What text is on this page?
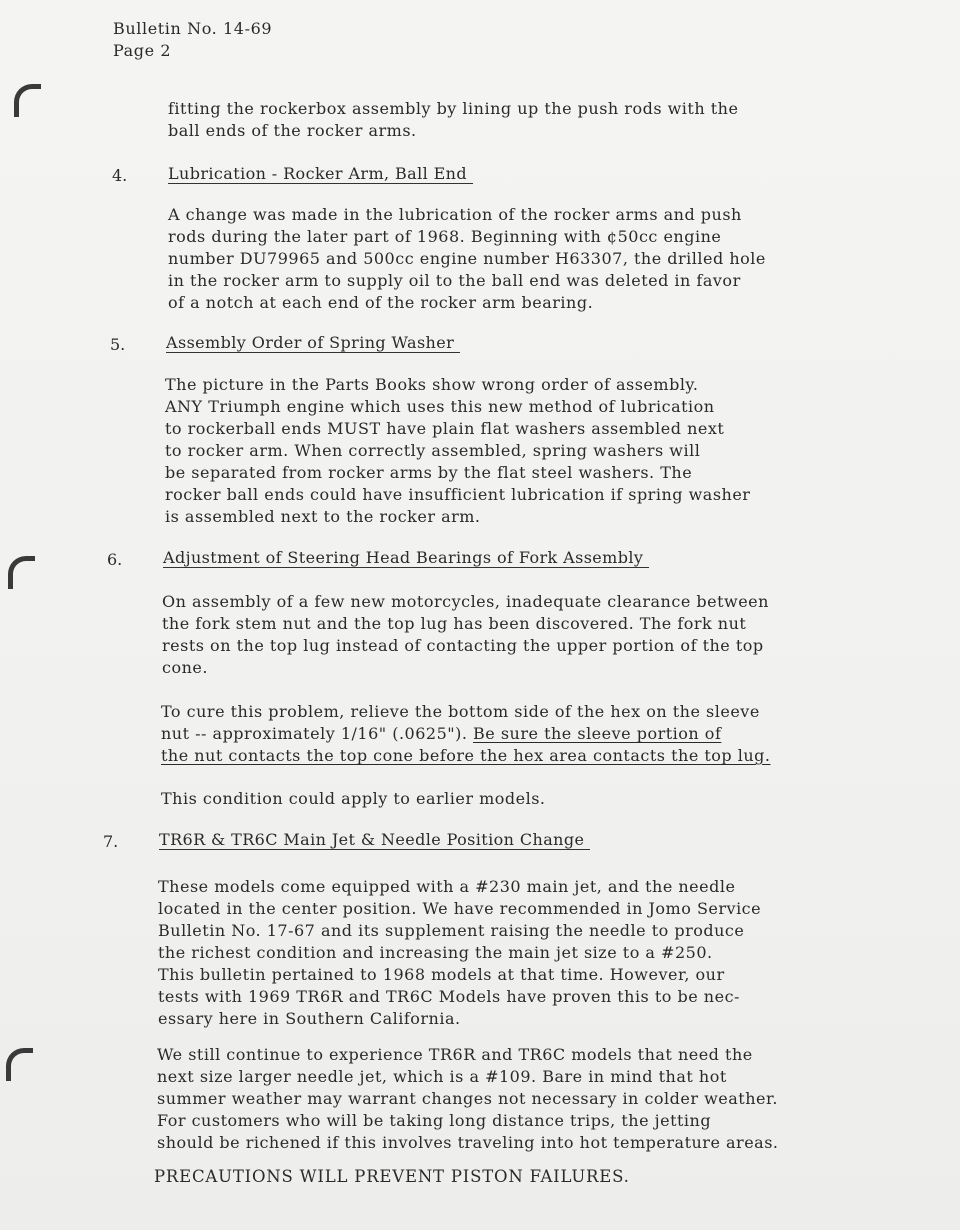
Bulletin No. 14-69
Page 2
fitting the rockerbox assembly by lining up the push rods with the
ball ends of the rocker arms.
4.	Lubrication - Rocker Arm, Ball End
A change was made in the lubrication of the rocker arms and push
rods during the later part of 1968. Beginning with ¢50cc engine
number DU79965 and 500cc engine number H63307, the drilled hole
in the rocker arm to supply oil to the ball end was deleted in favor
of a notch at each end of the rocker arm bearing.
5.	Assembly Order of Spring Washer
The picture in the Parts Books show wrong order of assembly.
ANY Triumph engine which uses this new method of lubrication
to rockerball ends MUST have plain flat washers assembled next
to rocker arm. When correctly assembled, spring washers will
be separated from rocker arms by the flat steel washers. The
rocker ball ends could have insufficient lubrication if spring washer
is assembled next to the rocker arm.
6.	Adjustment of Steering Head Bearings of Fork Assembly
On assembly of a few new motorcycles, inadequate clearance between
the fork stem nut and the top lug has been discovered. The fork nut
rests on the top lug instead of contacting the upper portion of the top
cone.
To cure this problem, relieve the bottom side of the hex on the sleeve
nut -- approximately 1/16" (.0625"). Be sure the sleeve portion of
the nut contacts the top cone before the hex area contacts the top lug.
This condition could apply to earlier models.
7.	TR6R & TR6C Main Jet & Needle Position Change
These models come equipped with a #230 main jet, and the needle
located in the center position. We have recommended in Jomo Service
Bulletin No. 17-67 and its supplement raising the needle to produce
the richest condition and increasing the main jet size to a #250.
This bulletin pertained to 1968 models at that time. However, our
tests with 1969 TR6R and TR6C Models have proven this to be nec-
essary here in Southern California.
We still continue to experience TR6R and TR6C models that need the
next size larger needle jet, which is a #109. Bare in mind that hot
summer weather may warrant changes not necessary in colder weather.
For customers who will be taking long distance trips, the jetting
should be richened if this involves traveling into hot temperature areas.
PRECAUTIONS WILL PREVENT PISTON FAILURES.
